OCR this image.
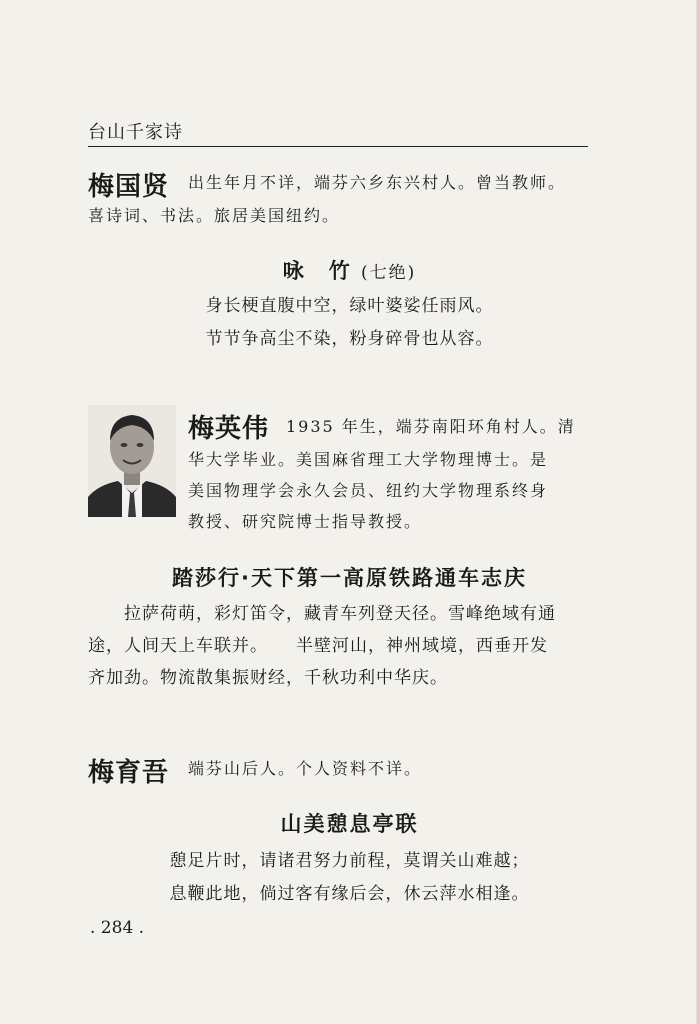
台山千家诗
梅国贤 出生年月不详，端芬六乡东兴村人。曾当教师。
喜诗词、书法。旅居美国纽约。
咏　竹 (七绝)
身长梗直腹中空，绿叶婆娑任雨风。
节节争高尘不染，粉身碎骨也从容。
梅英伟 1935 年生，端芬南阳环角村人。清
华大学毕业。美国麻省理工大学物理博士。是
美国物理学会永久会员、纽约大学物理系终身
教授、研究院博士指导教授。
踏莎行·天下第一高原铁路通车志庆
拉萨荷萌，彩灯笛令，藏青车列登天径。雪峰绝域有通
途，人间天上车联并。 半壁河山，神州域境，西垂开发
齐加劲。物流散集振财经，千秋功利中华庆。
梅育吾 端芬山后人。个人资料不详。
山美憩息亭联
憩足片时，请诸君努力前程，莫谓关山难越；
息鞭此地，倘过客有缘后会，休云萍水相逢。
. 284 .
